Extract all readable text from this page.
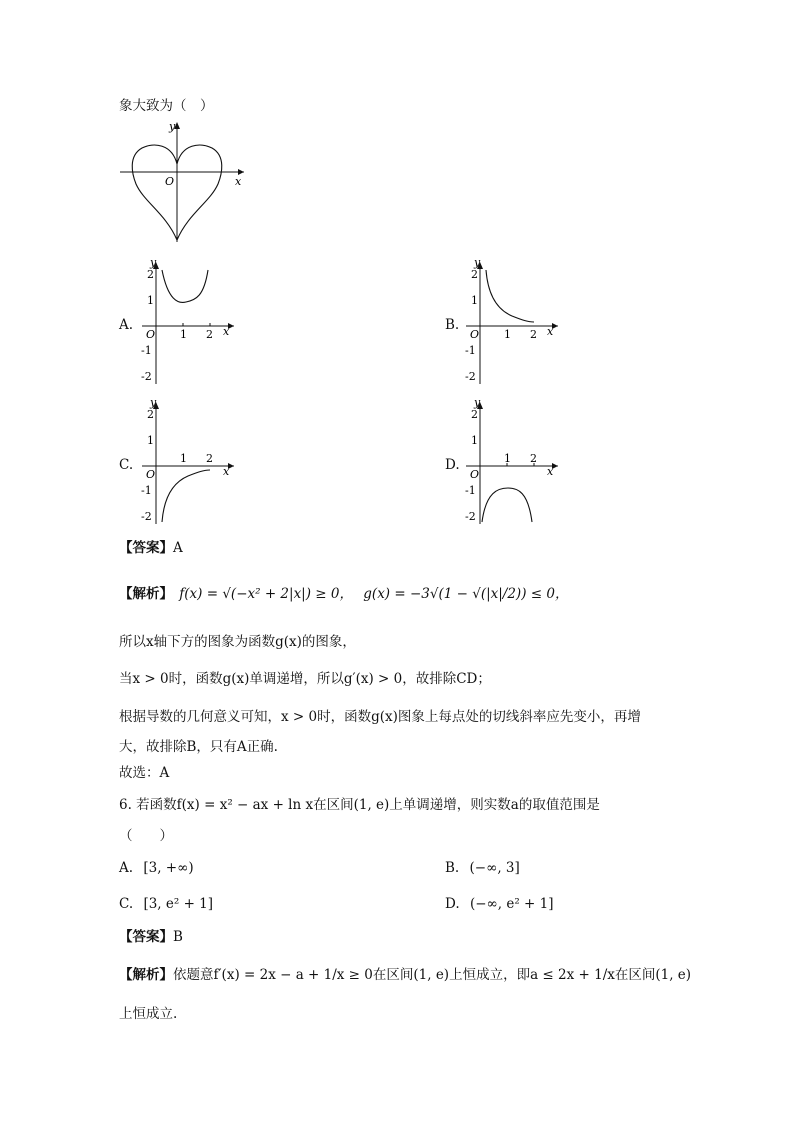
象大致为（　）
y
x
O
A.
y
2
1
-1
-2
O 1 2 x	B.
y
2
1
-1
-2
O 1 2 x
C.
y
2
1
-1
-2
O
1 2
x	D.
y
2
1
-1
-2
O
1 2
x
【答案】A
【解析】 f(x) = √(−x² + 2|x|) ≥ 0， g(x) = −3√(1 − √(|x|/2)) ≤ 0，
所以x轴下方的图象为函数g(x)的图象，
当x > 0时，函数g(x)单调递增，所以g′(x) > 0，故排除CD；
根据导数的几何意义可知，x > 0时，函数g(x)图象上每点处的切线斜率应先变小，再增
大，故排除B，只有A正确.
故选：A
6. 若函数f(x) = x² − ax + ln x在区间(1, e)上单调递增，则实数a的取值范围是
（　　）
A. [3, +∞)	B. (−∞, 3]
C. [3, e² + 1]	D. (−∞, e² + 1]
【答案】B
【解析】依题意f′(x) = 2x − a + 1/x ≥ 0在区间(1, e)上恒成立，即a ≤ 2x + 1/x在区间(1, e)
上恒成立.
